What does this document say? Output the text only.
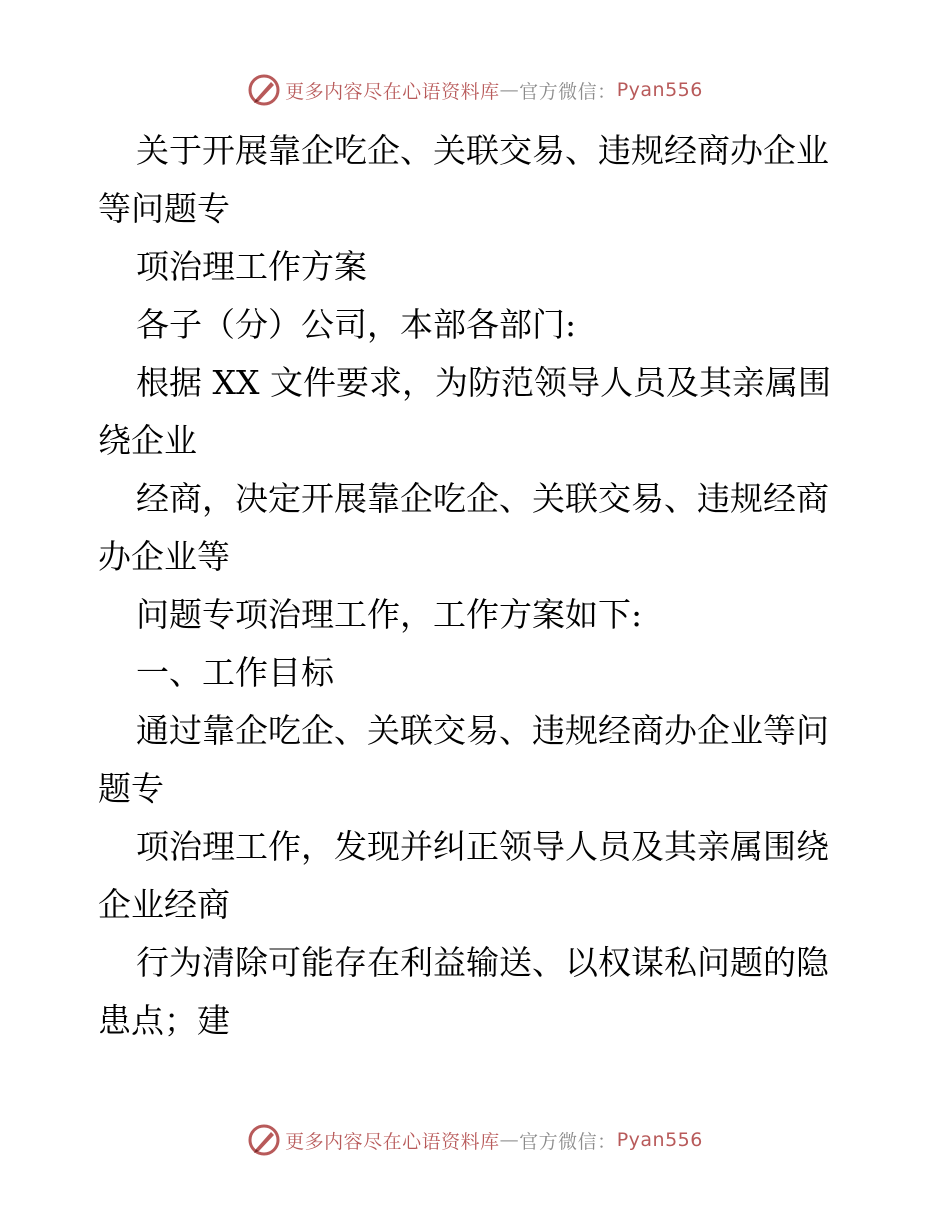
更多内容尽在心语资料库 — 官方微信： Pyan556

关于开展靠企吃企、关联交易、违规经商办企业

等问题专

项治理工作方案

各子（分）公司，本部各部门:

根据 XX 文件要求，为防范领导人员及其亲属围

绕企业

经商，决定开展靠企吃企、关联交易、违规经商

办企业等

问题专项治理工作，工作方案如下:

一、工作目标

通过靠企吃企、关联交易、违规经商办企业等问

题专

项治理工作，发现并纠正领导人员及其亲属围绕

企业经商

行为清除可能存在利益输送、以权谋私问题的隐

患点；建

更多内容尽在心语资料库 — 官方微信： Pyan556
